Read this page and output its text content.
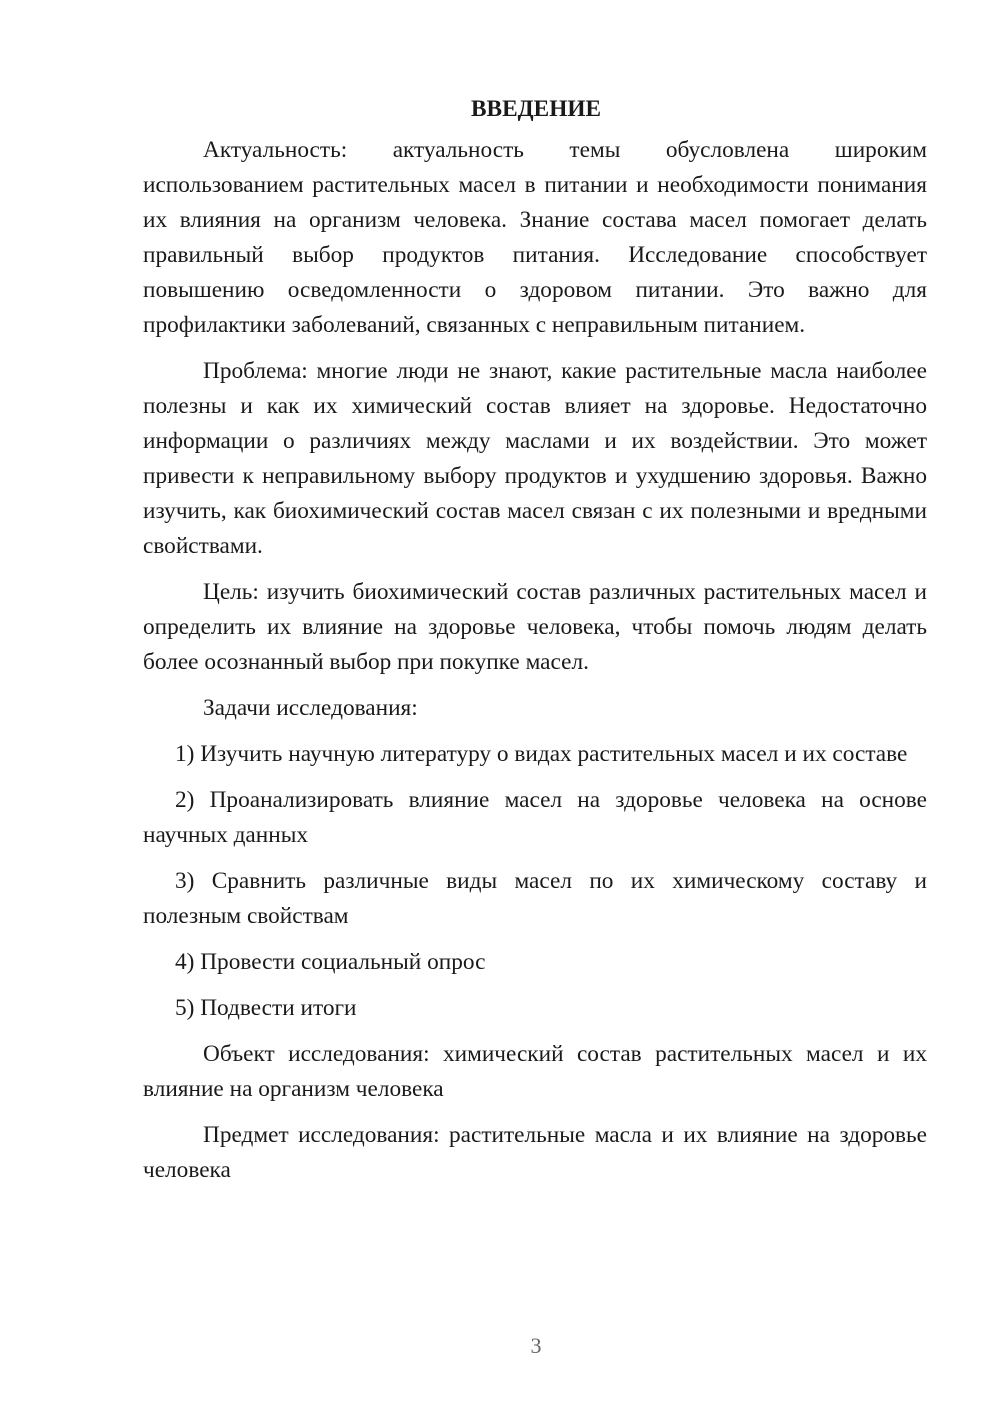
ВВЕДЕНИЕ

Актуальность: актуальность темы обусловлена широким использованием растительных масел в питании и необходимости понимания их влияния на организм человека. Знание состава масел помогает делать правильный выбор продуктов питания. Исследование способствует повышению осведомленности о здоровом питании. Это важно для профилактики заболеваний, связанных с неправильным питанием.

Проблема: многие люди не знают, какие растительные масла наиболее полезны и как их химический состав влияет на здоровье. Недостаточно информации о различиях между маслами и их воздействии. Это может привести к неправильному выбору продуктов и ухудшению здоровья. Важно изучить, как биохимический состав масел связан с их полезными и вредными свойствами.

Цель: изучить биохимический состав различных растительных масел и определить их влияние на здоровье человека, чтобы помочь людям делать более осознанный выбор при покупке масел.

Задачи исследования:

1) Изучить научную литературу о видах растительных масел и их составе

2) Проанализировать влияние масел на здоровье человека на основе научных данных

3) Сравнить различные виды масел по их химическому составу и полезным свойствам

4) Провести социальный опрос

5) Подвести итоги

Объект исследования: химический состав растительных масел и их влияние на организм человека

Предмет исследования: растительные масла и их влияние на здоровье человека

3
